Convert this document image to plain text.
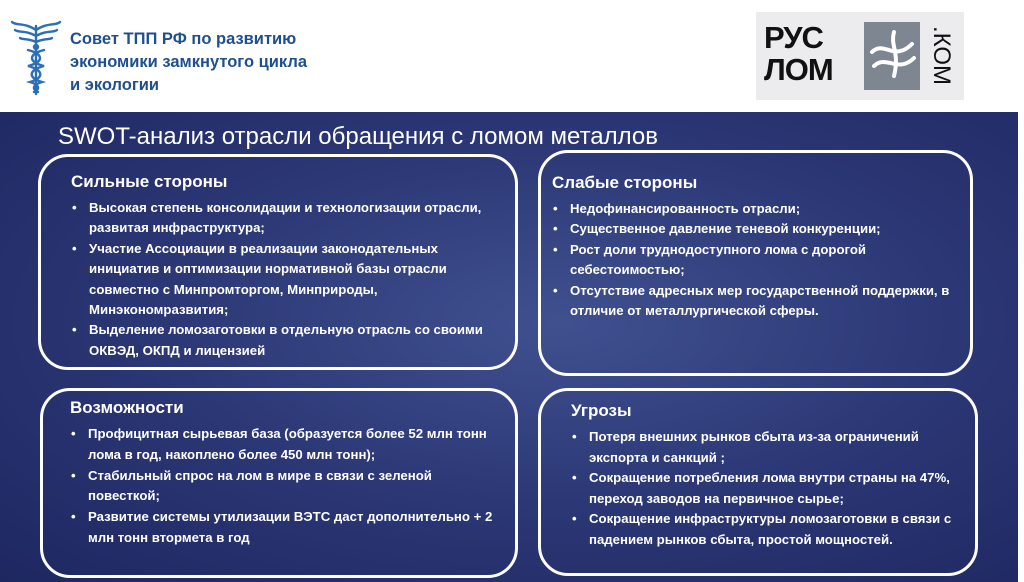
Совет ТПП РФ по развитию
экономики замкнутого цикла
и экологии
РУС
ЛОМ	.КОМ
SWOT-анализ отрасли обращения с ломом металлов
Сильные стороны
• Высокая степень консолидации и технологизации отрасли, развитая инфраструктура;
• Участие Ассоциации в реализации законодательных инициатив и оптимизации нормативной базы отрасли совместно с Минпромторгом, Минприроды, Минэкономразвития;
• Выделение ломозаготовки в отдельную отрасль со своими ОКВЭД, ОКПД и лицензией
Слабые стороны
• Недофинансированность отрасли;
• Существенное давление теневой конкуренции;
• Рост доли труднодоступного лома с дорогой себестоимостью;
• Отсутствие адресных мер государственной поддержки, в отличие от металлургической сферы.
Возможности
• Профицитная сырьевая база (образуется более 52 млн тонн лома в год, накоплено более 450 млн тонн);
• Стабильный спрос на лом в мире в связи с зеленой повесткой;
• Развитие системы утилизации ВЭТС даст дополнительно + 2 млн тонн втормета в год
Угрозы
• Потеря внешних рынков сбыта из-за ограничений экспорта и санкций ;
• Сокращение потребления лома внутри страны на 47%, переход заводов на первичное сырье;
• Сокращение инфраструктуры ломозаготовки в связи с падением рынков сбыта, простой мощностей.
